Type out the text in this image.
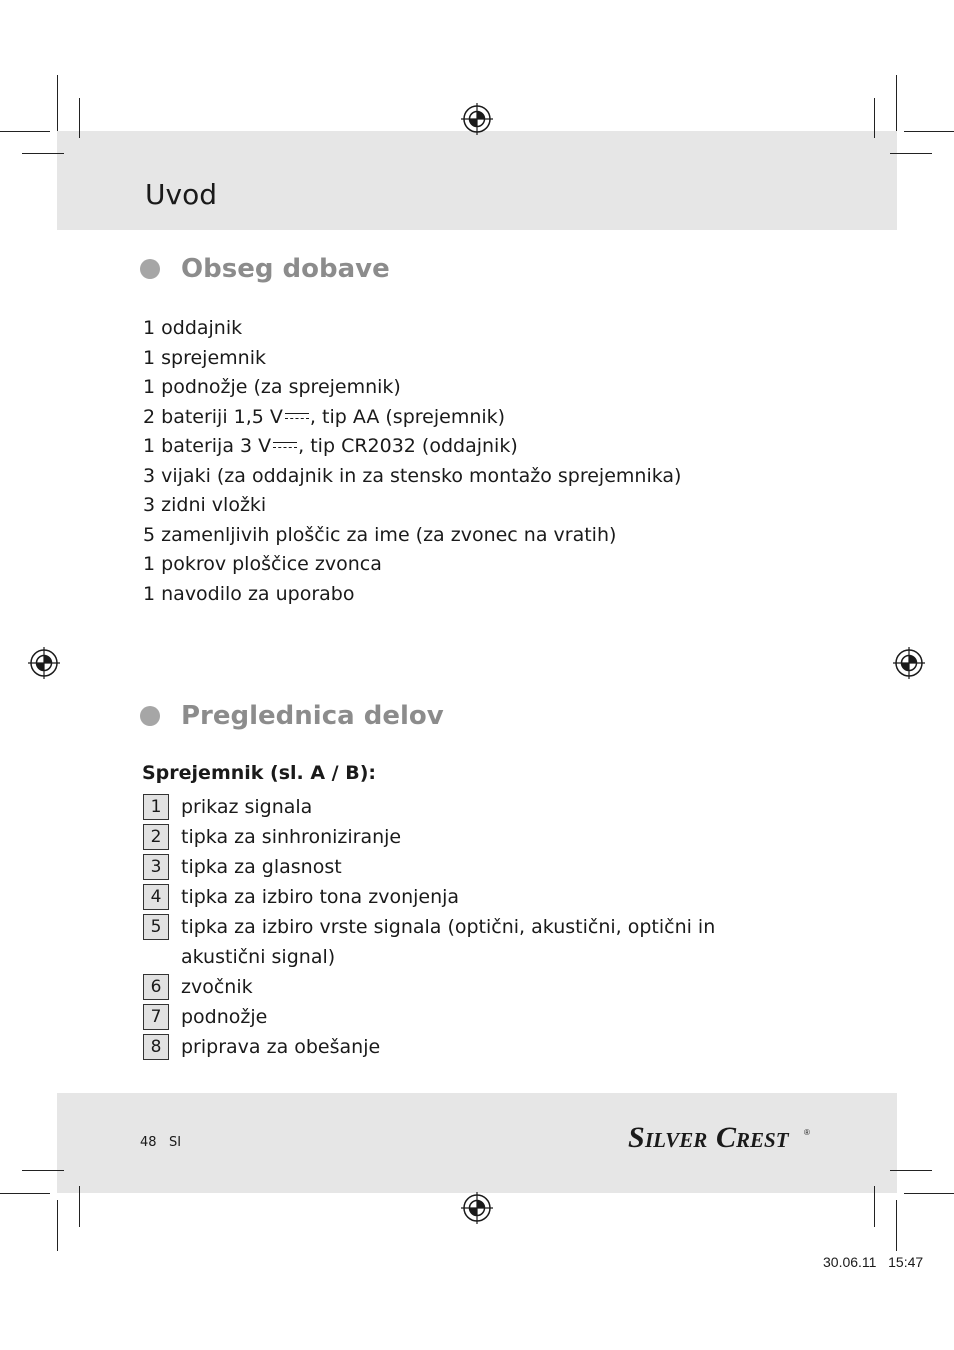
Uvod
Obseg dobave
1 oddajnik
1 sprejemnik
1 podnožje (za sprejemnik)
2 bateriji 1,5 V , tip AA (sprejemnik)
1 baterija 3 V , tip CR2032 (oddajnik)
3 vijaki (za oddajnik in za stensko montažo sprejemnika)
3 zidni vložki
5 zamenljivih ploščic za ime (za zvonec na vratih)
1 pokrov ploščice zvonca
1 navodilo za uporabo
Preglednica delov

Sprejemnik (sl. A / B):

1	prikaz signala
2	tipka za sinhroniziranje
3	tipka za glasnost
4	tipka za izbiro tona zvonjenja
5	tipka za izbiro vrste signala (optični, akustični, optični in akustični signal)
6	zvočnik
7	podnožje
8	priprava za obešanje
48 SI	S ILVER C REST ®
30.06.11 15:47
